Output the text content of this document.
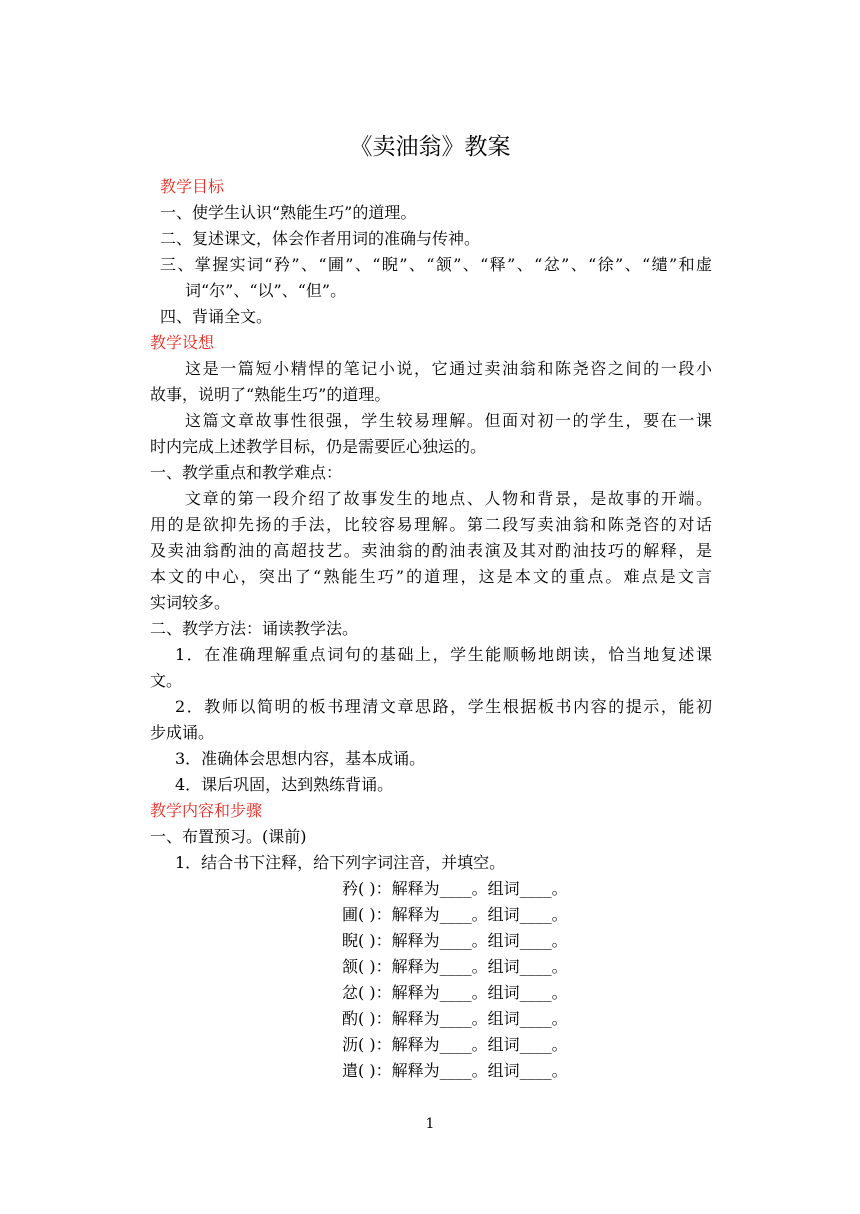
《卖油翁》教案
教学目标
一、使学生认识“熟能生巧”的道理。
二、复述课文，体会作者用词的准确与传神。
三、掌握实词“矜”、“圃”、“睨”、“颔”、“释”、“忿”、“徐”、“缱”和虚
词“尔”、“以”、“但”。
四、背诵全文。
教学设想
这是一篇短小精悍的笔记小说，它通过卖油翁和陈尧咨之间的一段小
故事，说明了“熟能生巧”的道理。
这篇文章故事性很强，学生较易理解。但面对初一的学生，要在一课
时内完成上述教学目标，仍是需要匠心独运的。
一、教学重点和教学难点：
文章的第一段介绍了故事发生的地点、人物和背景，是故事的开端。
用的是欲抑先扬的手法，比较容易理解。第二段写卖油翁和陈尧咨的对话
及卖油翁酌油的高超技艺。卖油翁的酌油表演及其对酌油技巧的解释，是
本文的中心，突出了“熟能生巧”的道理，这是本文的重点。难点是文言
实词较多。
二、教学方法：诵读教学法。
1．在准确理解重点词句的基础上，学生能顺畅地朗读，恰当地复述课
文。
2．教师以简明的板书理清文章思路，学生根据板书内容的提示，能初
步成诵。
3．准确体会思想内容，基本成诵。
4．课后巩固，达到熟练背诵。
教学内容和步骤
一、布置预习。(课前)
1．结合书下注释，给下列字词注音，并填空。
矜( )：解释为____。组词____。
圃( )：解释为____。组词____。
睨( )：解释为____。组词____。
颔( )：解释为____。组词____。
忿( )：解释为____。组词____。
酌( )：解释为____。组词____。
沥( )：解释为____。组词____。
遣( )：解释为____。组词____。
1
